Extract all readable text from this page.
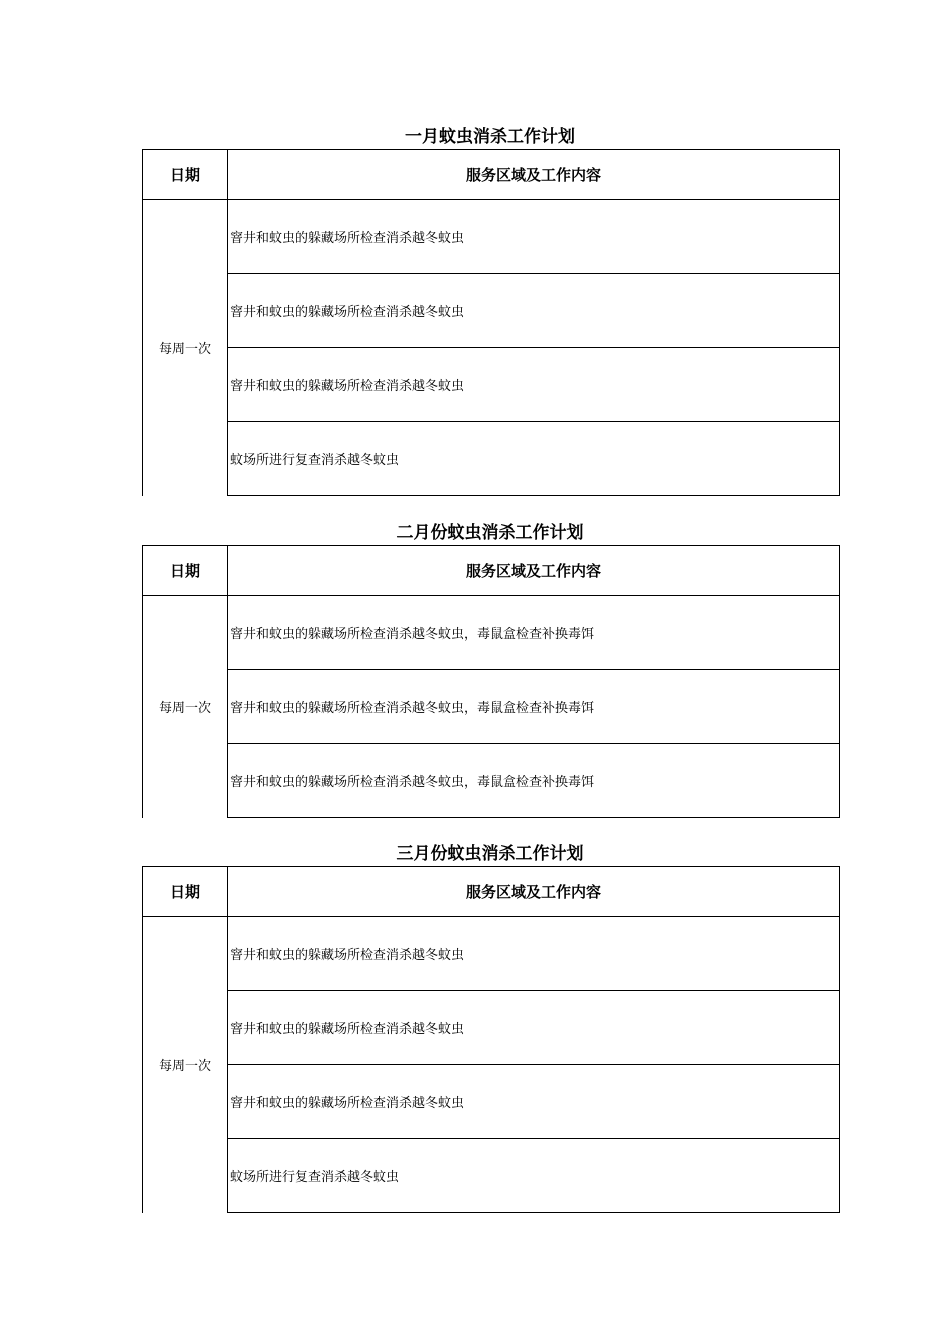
一月蚊虫消杀工作计划
日期	服务区域及工作内容
每周一次	窨井和蚊虫的躲藏场所检查消杀越冬蚊虫
	窨井和蚊虫的躲藏场所检查消杀越冬蚊虫
	窨井和蚊虫的躲藏场所检查消杀越冬蚊虫
	蚊场所进行复查消杀越冬蚊虫
二月份蚊虫消杀工作计划
日期	服务区域及工作内容
每周一次	窨井和蚊虫的躲藏场所检查消杀越冬蚊虫，毒鼠盒检查补换毒饵
	窨井和蚊虫的躲藏场所检查消杀越冬蚊虫，毒鼠盒检查补换毒饵
	窨井和蚊虫的躲藏场所检查消杀越冬蚊虫，毒鼠盒检查补换毒饵
三月份蚊虫消杀工作计划
日期	服务区域及工作内容
每周一次	窨井和蚊虫的躲藏场所检查消杀越冬蚊虫
	窨井和蚊虫的躲藏场所检查消杀越冬蚊虫
	窨井和蚊虫的躲藏场所检查消杀越冬蚊虫
	蚊场所进行复查消杀越冬蚊虫
